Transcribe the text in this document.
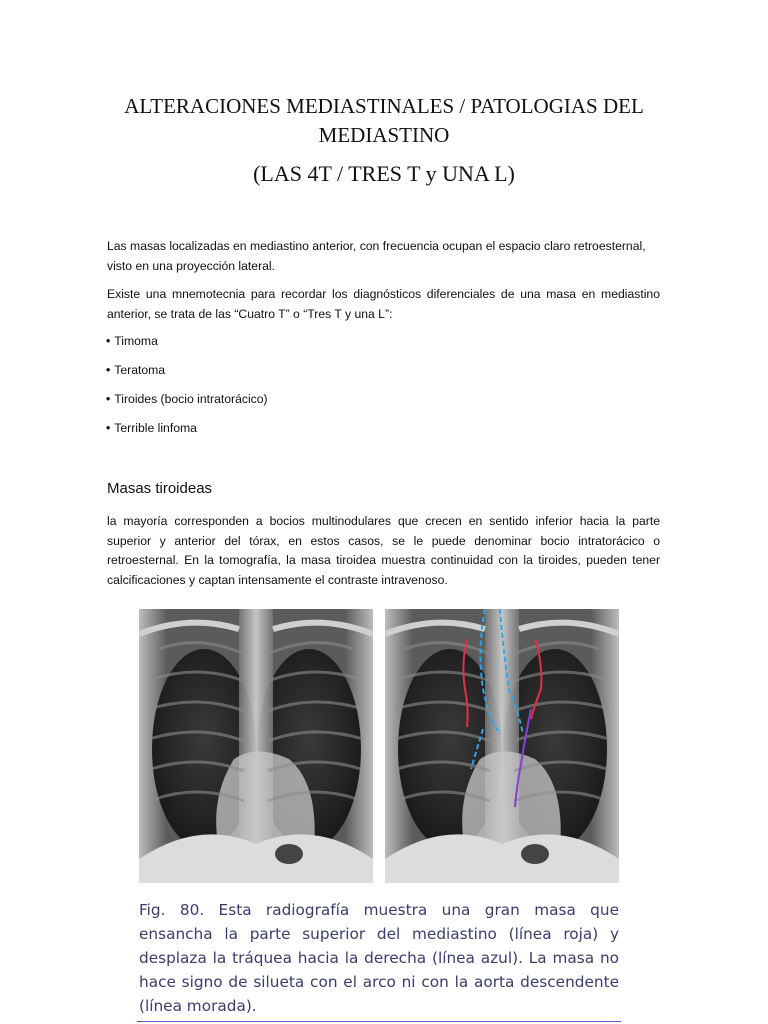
ALTERACIONES MEDIASTINALES / PATOLOGIAS DEL MEDIASTINO
(LAS 4T / TRES T y UNA L)
Las masas localizadas en mediastino anterior, con frecuencia ocupan el espacio claro retroesternal, visto en una proyección lateral.
Existe una mnemotecnia para recordar los diagnósticos diferenciales de una masa en mediastino anterior, se trata de las “Cuatro T” o “Tres T y una L”:
• Timoma
• Teratoma
• Tiroides (bocio intratorácico)
• Terrible linfoma
Masas tiroideas
la mayoría corresponden a bocios multinodulares que crecen en sentido inferior hacia la parte superior y anterior del tórax, en estos casos, se le puede denominar bocio intratorácico o retroesternal. En la tomografía, la masa tiroidea muestra continuidad con la tiroides, pueden tener calcificaciones y captan intensamente el contraste intravenoso.
Fig. 80. Esta radiografía muestra una gran masa que ensancha la parte superior del mediastino (línea roja) y desplaza la tráquea hacia la derecha (línea azul). La masa no hace signo de silueta con el arco ni con la aorta descendente (línea morada).
